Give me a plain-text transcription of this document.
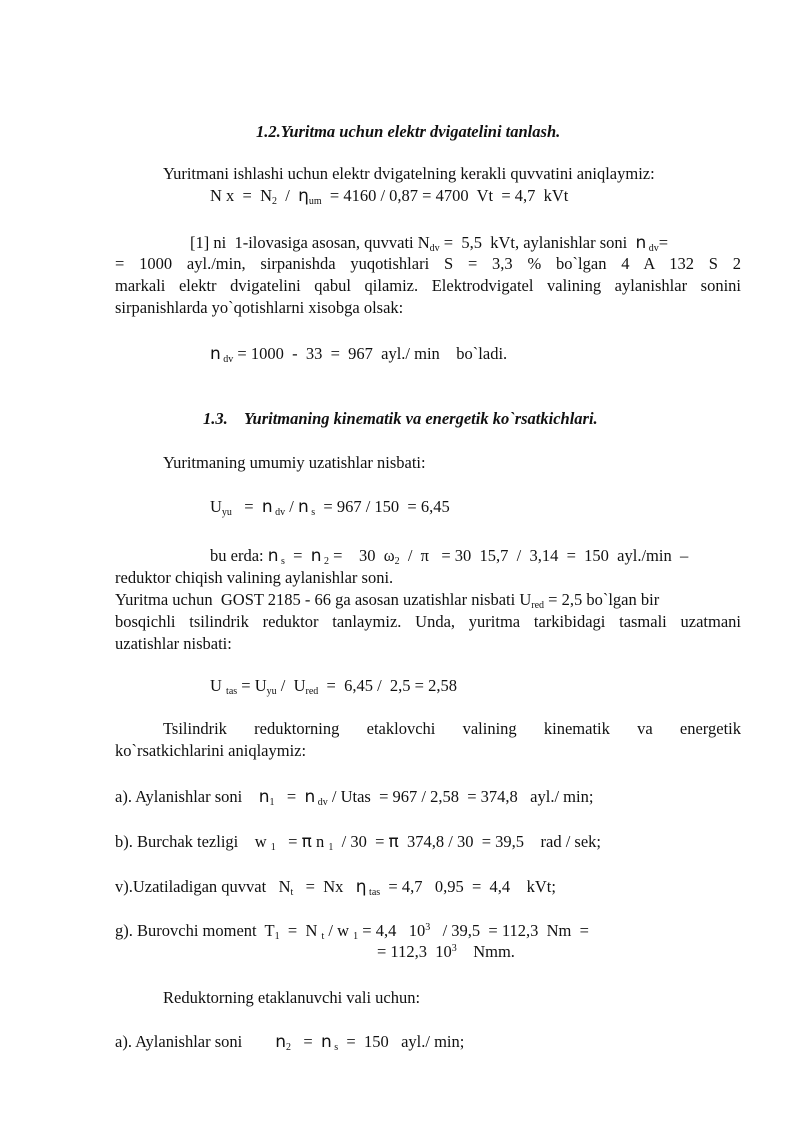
1.2.Yuritma uchun elektr dvigatelini tanlash.
Yuritmani ishlashi uchun elektr dvigatelning kerakli quvvatini aniqlaymiz:
N x  =  N2  /  ηum  = 4160 / 0,87 = 4700  Vt  = 4,7  kVt
[1] ni  1-ilovasiga asosan, quvvati Ndv =  5,5  kVt, aylanishlar soni  n dv=
= 1000 ayl./min, sirpanishda yuqotishlari S = 3,3 % bo`lgan 4 A 132 S 2
markali elektr dvigatelini qabul qilamiz. Elektrodvigatel valining aylanishlar sonini
sirpanishlarda yo`qotishlarni xisobga olsak:
n dv = 1000  -  33  =  967  ayl./ min    bo`ladi.
1.3.    Yuritmaning kinematik va energetik ko`rsatkichlari.
Yuritmaning umumiy uzatishlar nisbati:
Uyu   =  n dv / n s  = 967 / 150  = 6,45
bu erda: n s  =  n 2 =    30  ω2  /  π   = 30  15,7  /  3,14  =  150  ayl./min  –
reduktor chiqish valining aylanishlar soni.
Yuritma uchun  GOST 2185 - 66 ga asosan uzatishlar nisbati Ured = 2,5 bo`lgan bir
bosqichli tsilindrik reduktor tanlaymiz. Unda, yuritma tarkibidagi tasmali uzatmani
uzatishlar nisbati:
U tas = Uyu /  Ured  =  6,45 /  2,5 = 2,58
Tsilindrik reduktorning etaklovchi valining kinematik va energetik
ko`rsatkichlarini aniqlaymiz:
a). Aylanishlar soni    n1   =  n dv / Utas  = 967 / 2,58  = 374,8   ayl./ min;
b). Burchak tezligi    w 1   = π n 1  / 30  = π  374,8 / 30  = 39,5    rad / sek;
v).Uzatiladigan quvvat   Nt   =  Nx   η tas  = 4,7   0,95  =  4,4    kVt;
g). Burovchi moment  T1  =  N t / w 1 = 4,4   $10^3 / 39,5 = 112,3$  Nm  =
= 112,3  $10^3$    Nmm.
Reduktorning etaklanuvchi vali uchun:
a). Aylanishlar soni        n2   =  n s  =  150   ayl./ min;
